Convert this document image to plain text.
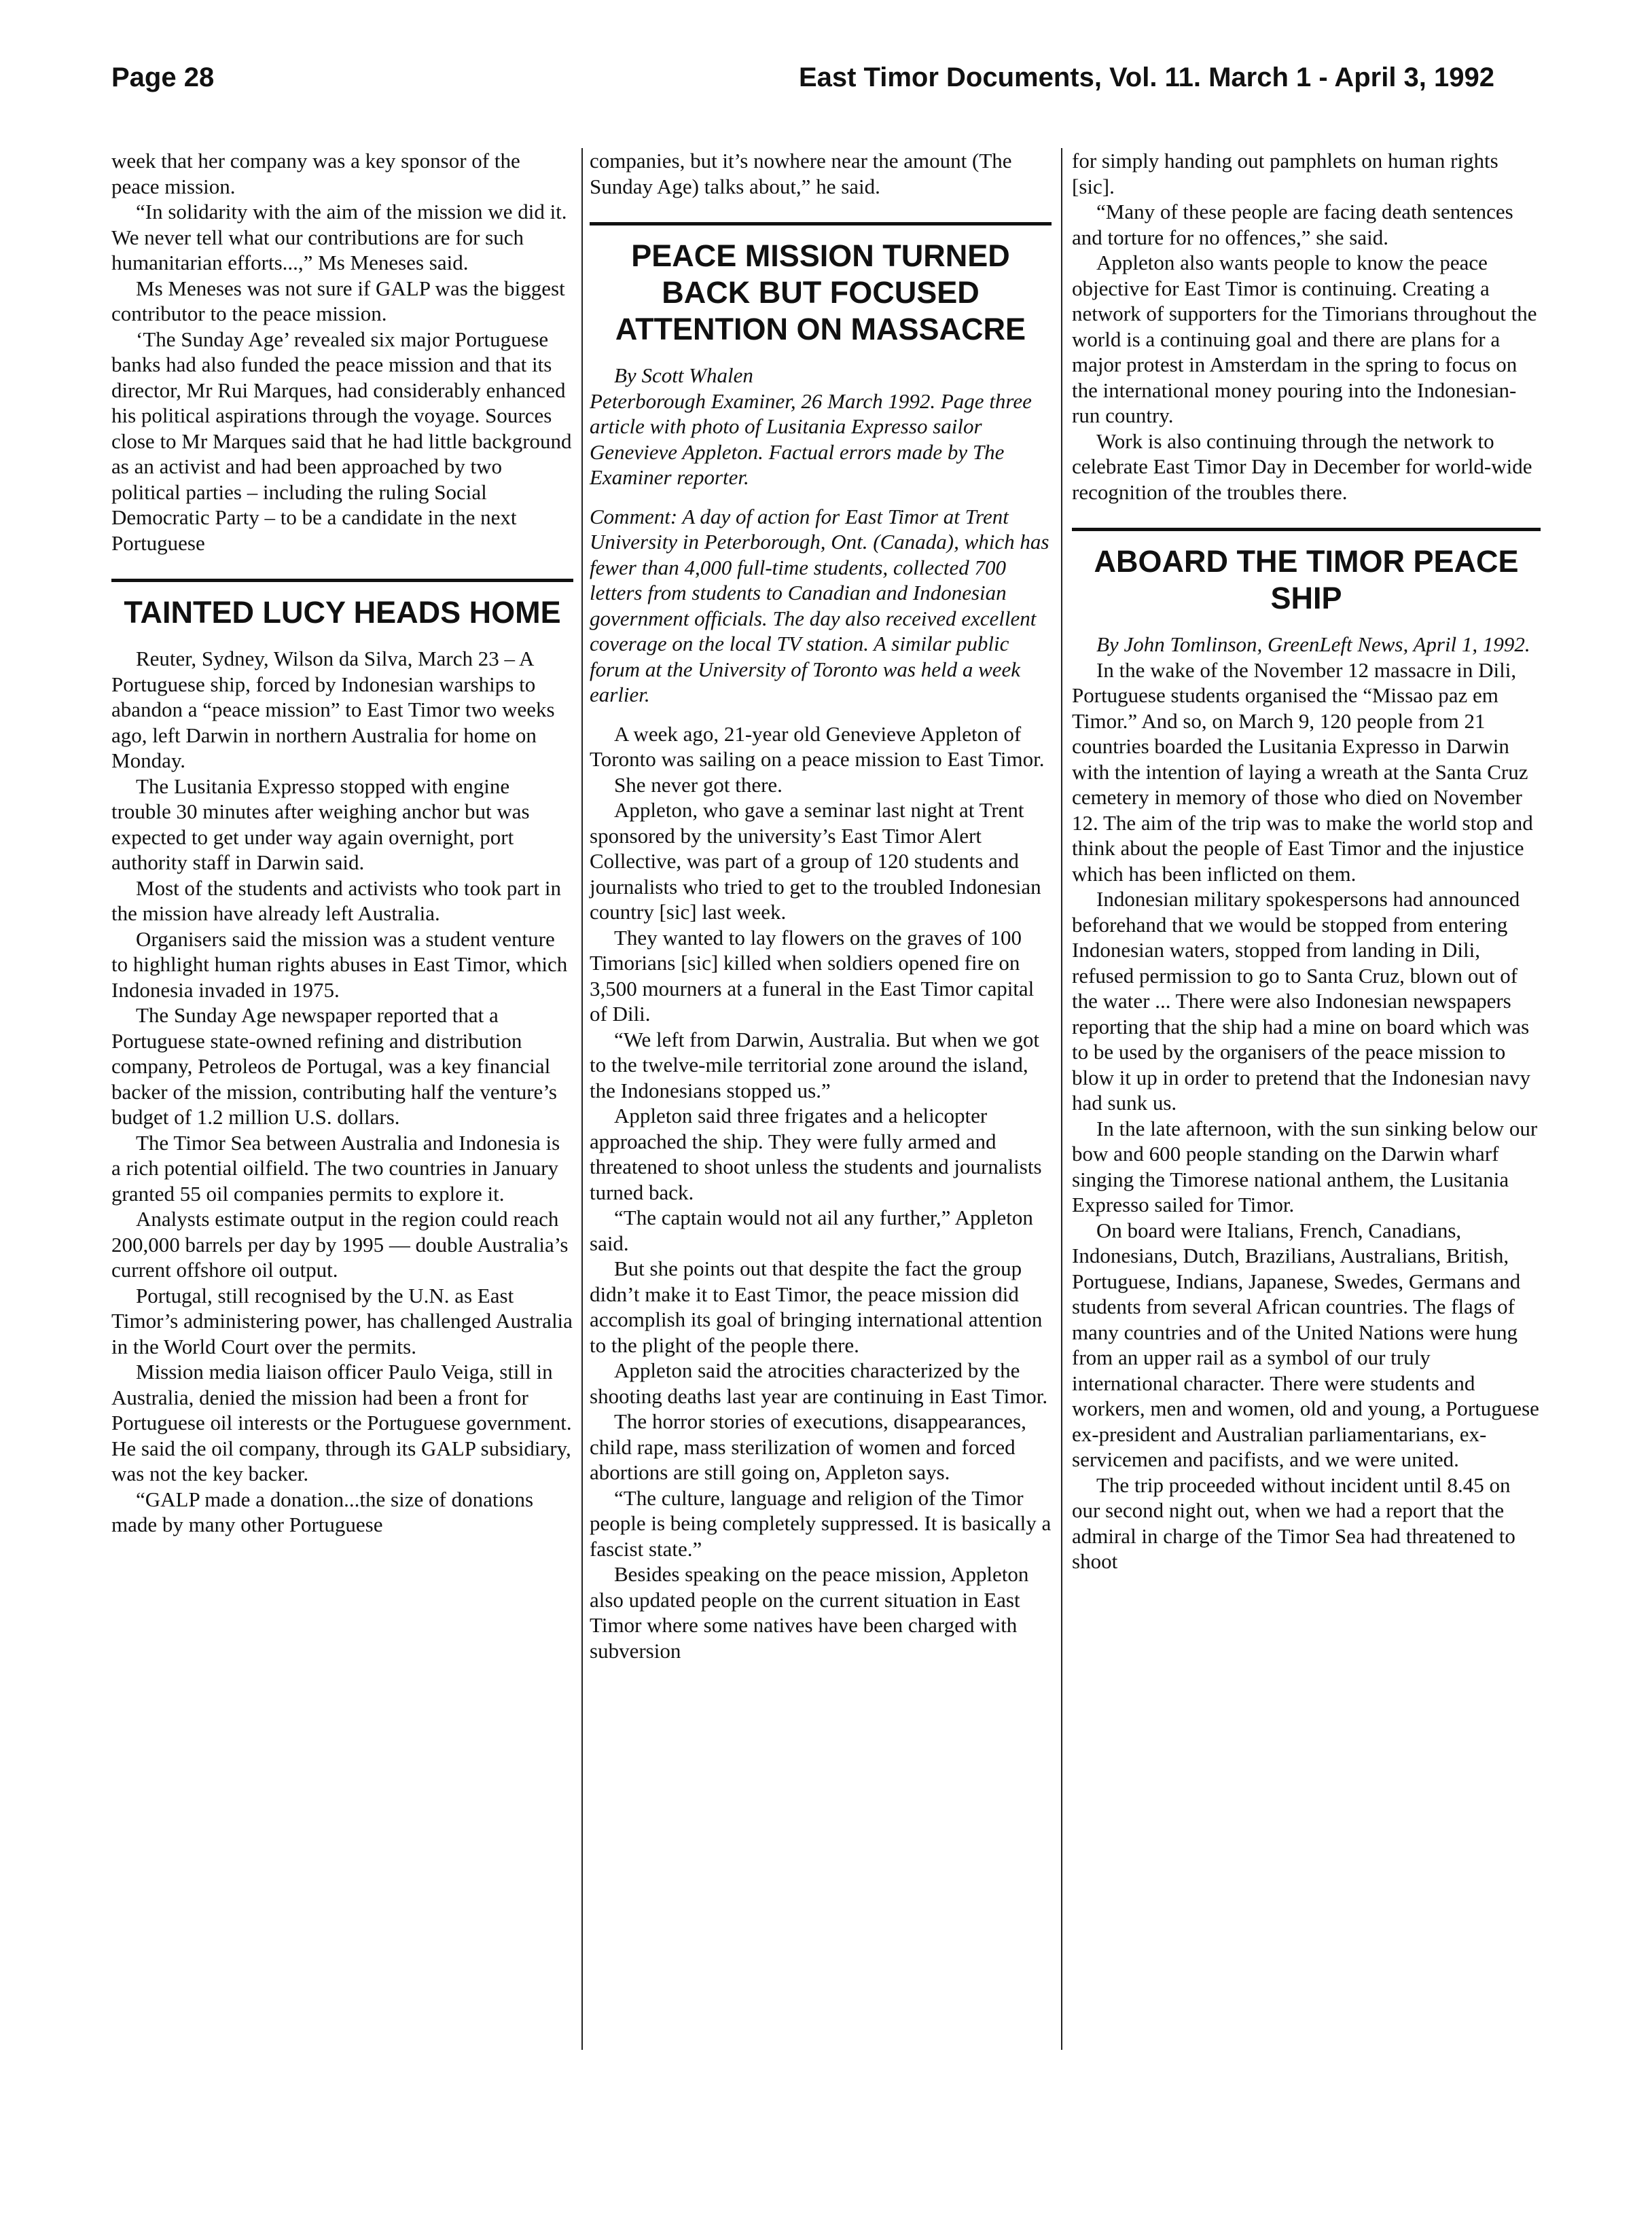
Page 28	East Timor Documents, Vol. 11. March 1 - April 3, 1992

week that her company was a key sponsor of the peace mission.

“In solidarity with the aim of the mission we did it. We never tell what our contributions are for such humanitarian efforts...,” Ms Meneses said.

Ms Meneses was not sure if GALP was the biggest contributor to the peace mission.

‘The Sunday Age’ revealed six major Portuguese banks had also funded the peace mission and that its director, Mr Rui Marques, had considerably enhanced his political aspirations through the voyage. Sources close to Mr Marques said that he had little background as an activist and had been approached by two political parties – including the ruling Social Democratic Party – to be a candidate in the next Portuguese

TAINTED LUCY HEADS HOME

Reuter, Sydney, Wilson da Silva, March 23 – A Portuguese ship, forced by Indonesian warships to abandon a “peace mission” to East Timor two weeks ago, left Darwin in northern Australia for home on Monday.

The Lusitania Expresso stopped with engine trouble 30 minutes after weighing anchor but was expected to get under way again overnight, port authority staff in Darwin said.

Most of the students and activists who took part in the mission have already left Australia.

Organisers said the mission was a student venture to highlight human rights abuses in East Timor, which Indonesia invaded in 1975.

The Sunday Age newspaper reported that a Portuguese state-owned refining and distribution company, Petroleos de Portugal, was a key financial backer of the mission, contributing half the venture’s budget of 1.2 million U.S. dollars.

The Timor Sea between Australia and Indonesia is a rich potential oilfield. The two countries in January granted 55 oil companies permits to explore it.

Analysts estimate output in the region could reach 200,000 barrels per day by 1995 — double Australia’s current offshore oil output.

Portugal, still recognised by the U.N. as East Timor’s administering power, has challenged Australia in the World Court over the permits.

Mission media liaison officer Paulo Veiga, still in Australia, denied the mission had been a front for Portuguese oil interests or the Portuguese government. He said the oil company, through its GALP subsidiary, was not the key backer.

“GALP made a donation...the size of donations made by many other Portuguese

companies, but it’s nowhere near the amount (The Sunday Age) talks about,” he said.

PEACE MISSION TURNED BACK BUT FOCUSED ATTENTION ON MASSACRE

By Scott Whalen

Peterborough Examiner, 26 March 1992. Page three article with photo of Lusitania Expresso sailor Genevieve Appleton. Factual errors made by The Examiner reporter.

Comment: A day of action for East Timor at Trent University in Peterborough, Ont. (Canada), which has fewer than 4,000 full-time students, collected 700 letters from students to Canadian and Indonesian government officials. The day also received excellent coverage on the local TV station. A similar public forum at the University of Toronto was held a week earlier.

A week ago, 21-year old Genevieve Appleton of Toronto was sailing on a peace mission to East Timor.

She never got there.

Appleton, who gave a seminar last night at Trent sponsored by the university’s East Timor Alert Collective, was part of a group of 120 students and journalists who tried to get to the troubled Indonesian country [sic] last week.

They wanted to lay flowers on the graves of 100 Timorians [sic] killed when soldiers opened fire on 3,500 mourners at a funeral in the East Timor capital of Dili.

“We left from Darwin, Australia. But when we got to the twelve-mile territorial zone around the island, the Indonesians stopped us.”

Appleton said three frigates and a helicopter approached the ship. They were fully armed and threatened to shoot unless the students and journalists turned back.

“The captain would not ail any further,” Appleton said.

But she points out that despite the fact the group didn’t make it to East Timor, the peace mission did accomplish its goal of bringing international attention to the plight of the people there.

Appleton said the atrocities characterized by the shooting deaths last year are continuing in East Timor.

The horror stories of executions, disappearances, child rape, mass sterilization of women and forced abortions are still going on, Appleton says.

“The culture, language and religion of the Timor people is being completely suppressed. It is basically a fascist state.”

Besides speaking on the peace mission, Appleton also updated people on the current situation in East Timor where some natives have been charged with subversion

for simply handing out pamphlets on human rights [sic].

“Many of these people are facing death sentences and torture for no offences,” she said.

Appleton also wants people to know the peace objective for East Timor is continuing. Creating a network of supporters for the Timorians throughout the world is a continuing goal and there are plans for a major protest in Amsterdam in the spring to focus on the international money pouring into the Indonesian-run country.

Work is also continuing through the network to celebrate East Timor Day in December for world-wide recognition of the troubles there.

ABOARD THE TIMOR PEACE SHIP

By John Tomlinson, GreenLeft News, April 1, 1992.

In the wake of the November 12 massacre in Dili, Portuguese students organised the “Missao paz em Timor.” And so, on March 9, 120 people from 21 countries boarded the Lusitania Expresso in Darwin with the intention of laying a wreath at the Santa Cruz cemetery in memory of those who died on November 12. The aim of the trip was to make the world stop and think about the people of East Timor and the injustice which has been inflicted on them.

Indonesian military spokespersons had announced beforehand that we would be stopped from entering Indonesian waters, stopped from landing in Dili, refused permission to go to Santa Cruz, blown out of the water ... There were also Indonesian newspapers reporting that the ship had a mine on board which was to be used by the organisers of the peace mission to blow it up in order to pretend that the Indonesian navy had sunk us.

In the late afternoon, with the sun sinking below our bow and 600 people standing on the Darwin wharf singing the Timorese national anthem, the Lusitania Expresso sailed for Timor.

On board were Italians, French, Canadians, Indonesians, Dutch, Brazilians, Australians, British, Portuguese, Indians, Japanese, Swedes, Germans and students from several African countries. The flags of many countries and of the United Nations were hung from an upper rail as a symbol of our truly international character. There were students and workers, men and women, old and young, a Portuguese ex-president and Australian parliamentarians, ex- servicemen and pacifists, and we were united.

The trip proceeded without incident until 8.45 on our second night out, when we had a report that the admiral in charge of the Timor Sea had threatened to shoot
